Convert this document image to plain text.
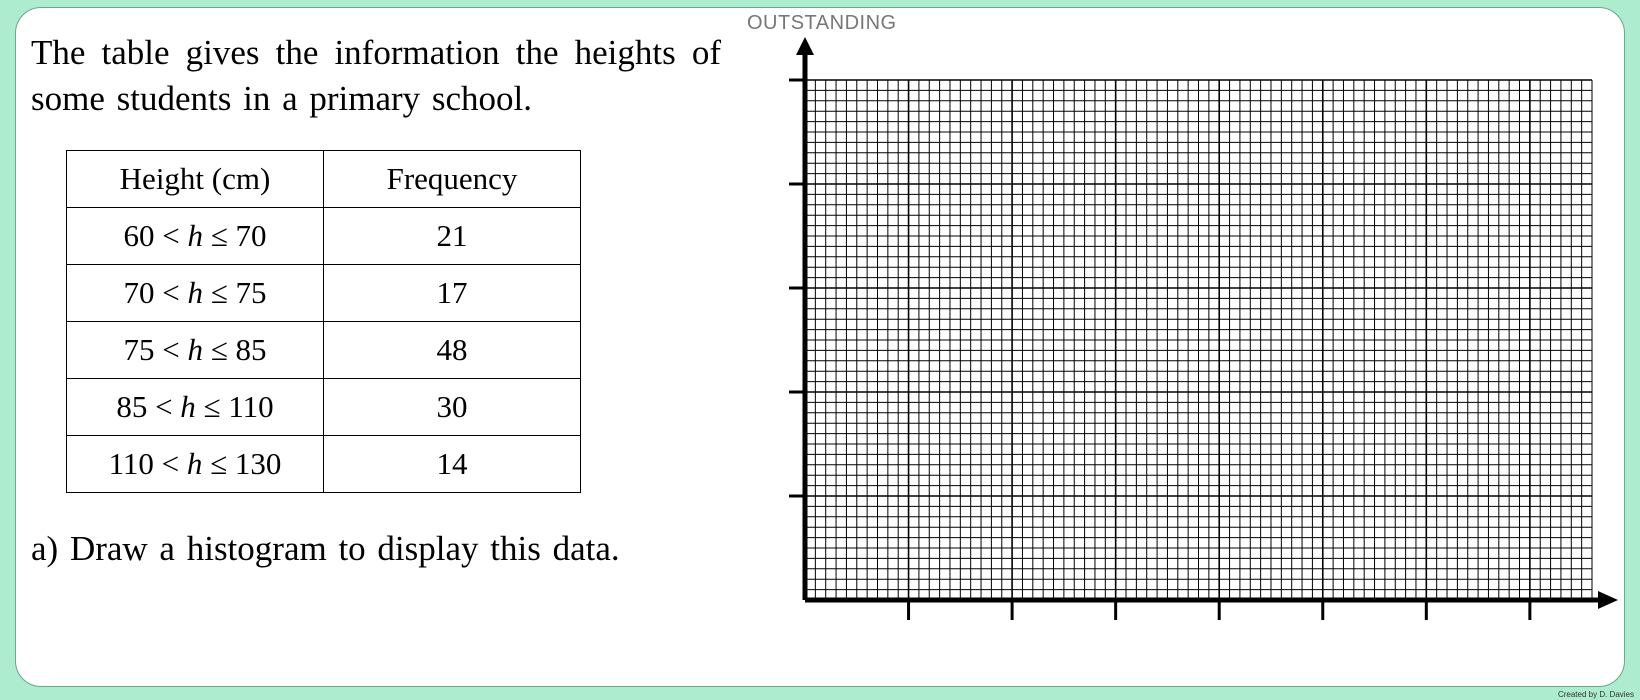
The table gives the information the heights of some students in a primary school.
Height (cm)	Frequency
60 < h ≤ 70	21
70 < h ≤ 75	17
75 < h ≤ 85	48
85 < h ≤ 110	30
110 < h ≤ 130	14
a) Draw a histogram to display this data.
OUTSTANDING
Created by D. Davies
